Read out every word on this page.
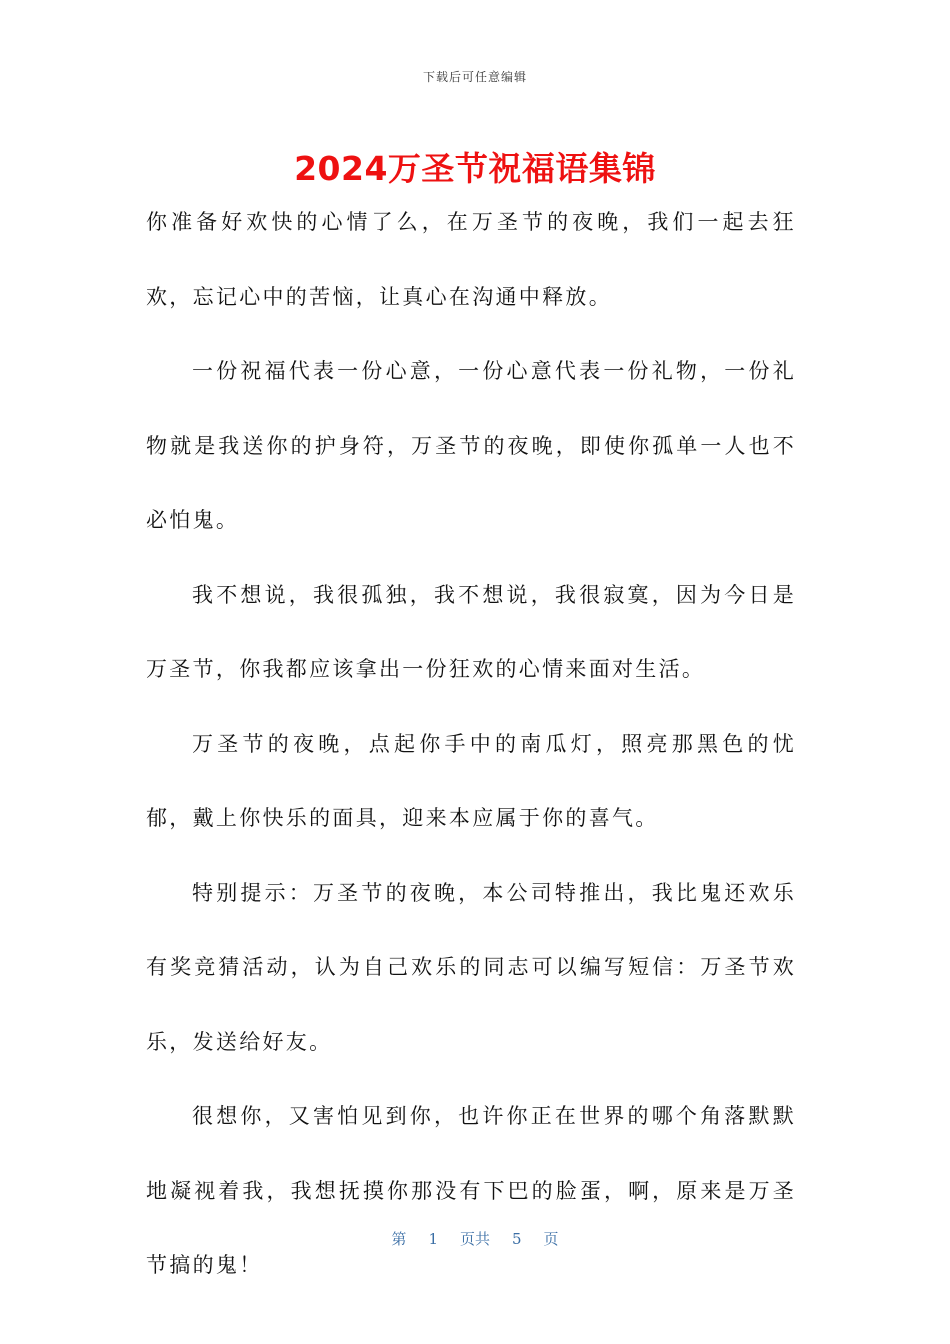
下载后可任意编辑
2024万圣节祝福语集锦

你准备好欢快的心情了么，在万圣节的夜晚，我们一起去狂欢，忘记心中的苦恼，让真心在沟通中释放。

一份祝福代表一份心意，一份心意代表一份礼物，一份礼物就是我送你的护身符，万圣节的夜晚，即使你孤单一人也不必怕鬼。

我不想说，我很孤独，我不想说，我很寂寞，因为今日是万圣节，你我都应该拿出一份狂欢的心情来面对生活。

万圣节的夜晚，点起你手中的南瓜灯，照亮那黑色的忧郁，戴上你快乐的面具，迎来本应属于你的喜气。

特别提示：万圣节的夜晚，本公司特推出，我比鬼还欢乐有奖竞猜活动，认为自己欢乐的同志可以编写短信：万圣节欢乐，发送给好友。

很想你，又害怕见到你，也许你正在世界的哪个角落默默地凝视着我，我想抚摸你那没有下巴的脸蛋，啊，原来是万圣节搞的鬼！

第 1 页共 5 页
